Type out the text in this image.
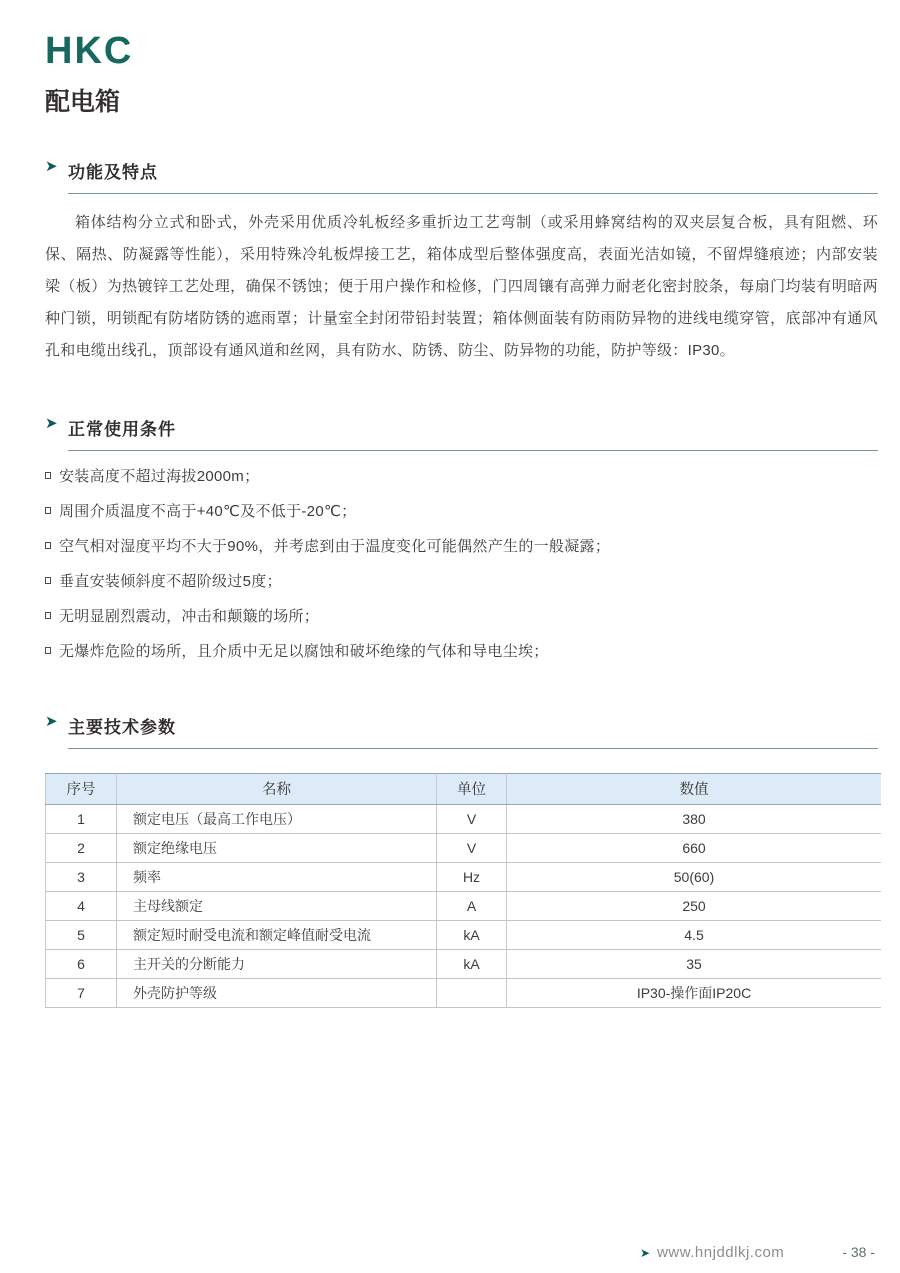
HKC
配电箱
➤ 功能及特点

箱体结构分立式和卧式，外壳采用优质冷轧板经多重折边工艺弯制（或采用蜂窝结构的双夹层复合板，具有阻燃、环保、隔热、防凝露等性能），采用特殊冷轧板焊接工艺，箱体成型后整体强度高，表面光洁如镜，不留焊缝痕迹；内部安装梁（板）为热镀锌工艺处理，确保不锈蚀；便于用户操作和检修，门四周镶有高弹力耐老化密封胶条，每扇门均装有明暗两种门锁，明锁配有防堵防锈的遮雨罩；计量室全封闭带铅封装置；箱体侧面装有防雨防异物的进线电缆穿管，底部冲有通风孔和电缆出线孔，顶部设有通风道和丝网，具有防水、防锈、防尘、防异物的功能，防护等级：IP30。

➤ 正常使用条件
安装高度不超过海拔2000m；
周围介质温度不高于+40℃及不低于-20℃；
空气相对湿度平均不大于90%，并考虑到由于温度变化可能偶然产生的一般凝露；
垂直安装倾斜度不超阶级过5度；
无明显剧烈震动，冲击和颠簸的场所；
无爆炸危险的场所，且介质中无足以腐蚀和破坏绝缘的气体和导电尘埃；
➤ 主要技术参数
序号	名称	单位	数值
1	额定电压（最高工作电压）	V	380
2	额定绝缘电压	V	660
3	频率	Hz	50(60)
4	主母线额定	A	250
5	额定短时耐受电流和额定峰值耐受电流	kA	4.5
6	主开关的分断能力	kA	35
7	外壳防护等级		IP30-操作面IP20C
➤ www.hnjddlkj.com	- 38 -
